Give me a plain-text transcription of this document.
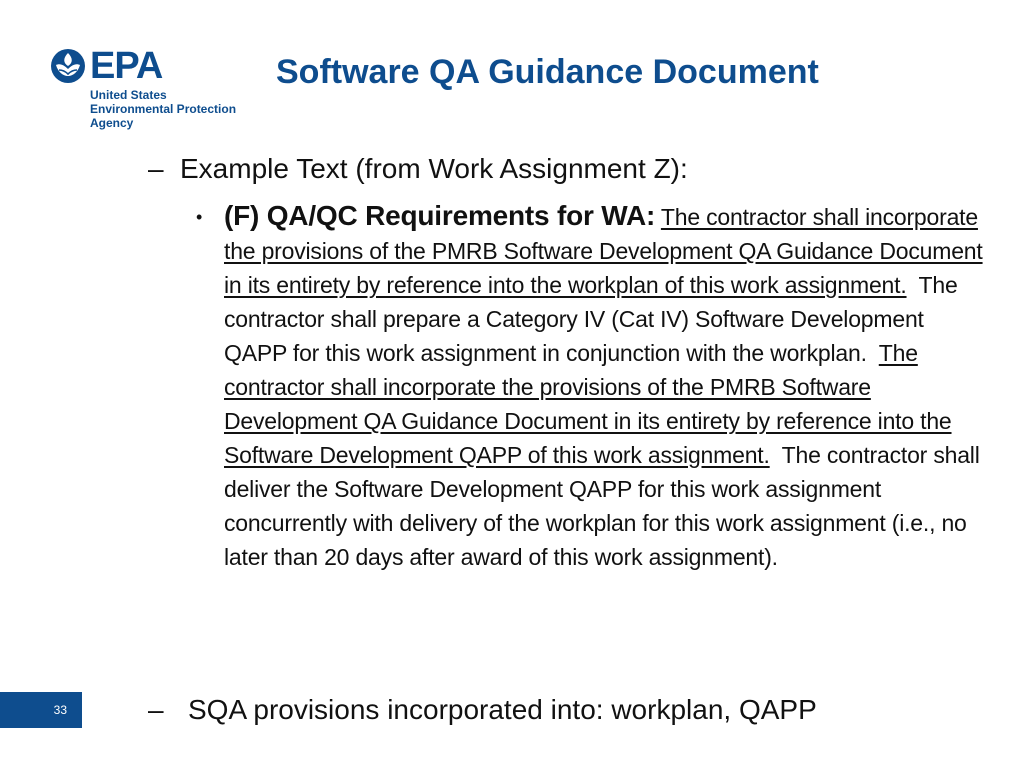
EPA
United States
Environmental Protection
Agency
Software QA Guidance Document
– Example Text (from Work Assignment Z):
• (F) QA/QC Requirements for WA: The contractor shall incorporate the provisions of the PMRB Software Development QA Guidance Document in its entirety by reference into the workplan of this work assignment. The contractor shall prepare a Category IV (Cat IV) Software Development QAPP for this work assignment in conjunction with the workplan. The contractor shall incorporate the provisions of the PMRB Software Development QA Guidance Document in its entirety by reference into the Software Development QAPP of this work assignment. The contractor shall deliver the Software Development QAPP for this work assignment concurrently with delivery of the workplan for this work assignment (i.e., no later than 20 days after award of this work assignment).
– SQA provisions incorporated into: workplan, QAPP
33
